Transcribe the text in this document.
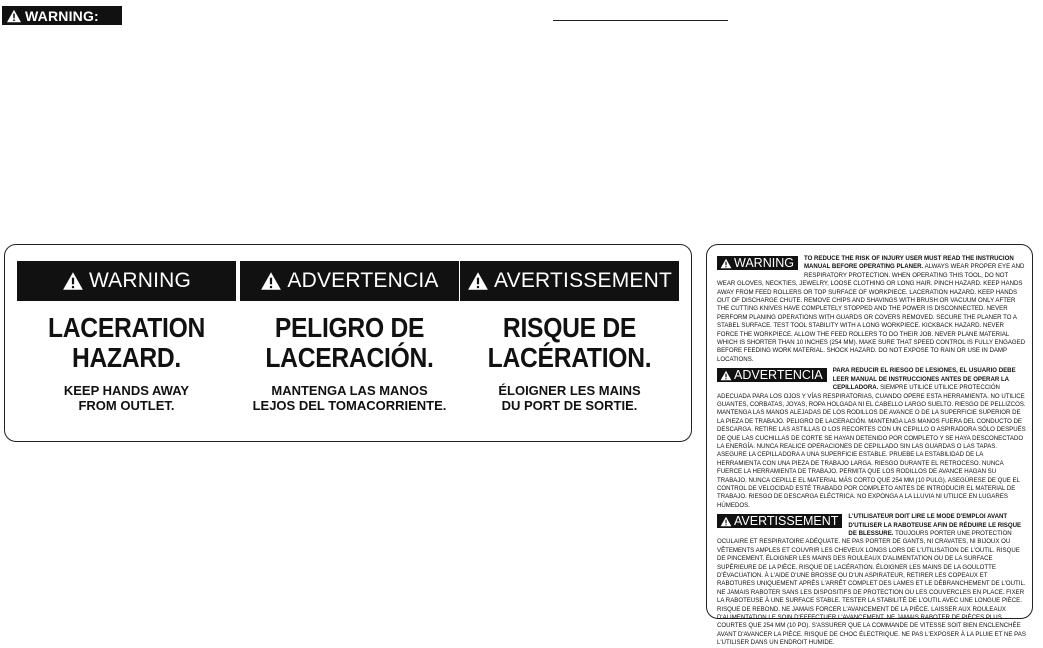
WARNING:
WARNING
LACERATION
HAZARD.
KEEP HANDS AWAY
FROM OUTLET.
ADVERTENCIA
PELIGRO DE
LACERACIÓN.
MANTENGA LAS MANOS
LEJOS DEL TOMACORRIENTE.
AVERTISSEMENT
RISQUE DE
LACÉRATION.
ÉLOIGNER LES MAINS
DU PORT DE SORTIE.
WARNING TO REDUCE THE RISK OF INJURY USER MUST READ THE INSTRUCION MANUAL BEFORE OPERATING PLANER. ALWAYS WEAR PROPER EYE AND RESPIRATORY PROTECTION. WHEN OPERATING THIS TOOL, DO NOT WEAR GLOVES, NECKTIES, JEWELRY, LOOSE CLOTHING OR LONG HAIR. PINCH HAZARD. KEEP HANDS AWAY FROM FEED ROLLERS OR TOP SURFACE OF WORKPIECE. LACERATION HAZARD. KEEP HANDS OUT OF DISCHARGE CHUTE. REMOVE CHIPS AND SHAVINGS WITH BRUSH OR VACUUM ONLY AFTER THE CUTTING KNIVES HAVE COMPLETELY STOPPED AND THE POWER IS DISCONNECTED. NEVER PERFORM PLANING OPERATIONS WITH GUARDS OR COVERS REMOVED. SECURE THE PLANER TO A STABEL SURFACE. TEST TOOL STABILITY WITH A LONG WORKPIECE. KICKBACK HAZARD. NEVER FORCE THE WORKPIECE. ALLOW THE FEED ROLLERS TO DO THEIR JOB. NEVER PLANE MATERIAL WHICH IS SHORTER THAN 10 INCHES (254 MM). MAKE SURE THAT SPEED CONTROL IS FULLY ENGAGED BEFORE FEEDING WORK MATERIAL. SHOCK HAZARD. DO NOT EXPOSE TO RAIN OR USE IN DAMP LOCATIONS.
ADVERTENCIA PARA REDUCIR EL RIESGO DE LESIONES, EL USUARIO DEBE LEER MANUAL DE INSTRUCCIONES ANTES DE OPERAR LA CEPILLADORA. SIEMPRE UTILICE UTILICE PROTECCIÓN ADECUADA PARA LOS OJOS Y VÍAS RESPIRATORIAS, CUANDO OPERE ESTA HERRAMIENTA. NO UTILICE GUANTES, CORBATAS, JOYAS, ROPA HOLGADA NI EL CABELLO LARGO SUELTO. RIESGO DE PELLIZCOS. MANTENGA LAS MANOS ALEJADAS DE LOS RODILLOS DE AVANCE O DE LA SUPERFICIE SUPERIOR DE LA PIEZA DE TRABAJO. PELIGRO DE LACERACIÓN. MANTENGA LAS MANOS FUERA DEL CONDUCTO DE DESCARGA. RETIRE LAS ASTILLAS O LOS RECORTES CON UN CEPILLO O ASPIRADORA SÓLO DESPUÉS DE QUE LAS CUCHILLAS DE CORTE SE HAYAN DETENIDO POR COMPLETO Y SE HAYA DESCONECTADO LA ENERGÍA. NUNCA REALICE OPERACIONES DE CEPILLADO SIN LAS GUARDAS O LAS TAPAS. ASEGURE LA CEPILLADORA A UNA SUPERFICIE ESTABLE. PRUEBE LA ESTABILIDAD DE LA HERRAMIENTA CON UNA PIEZA DE TRABAJO LARGA. RIESGO DURANTE EL RETROCESO. NUNCA FUERCE LA HERRAMIENTA DE TRABAJO. PERMITA QUE LOS RODILLOS DE AVANCE HAGAN SU TRABAJO. NUNCA CEPILLE EL MATERIAL MÁS CORTO QUE 254 MM (10 PULG). ASEGÚRESE DE QUE EL CONTROL DE VELOCIDAD ESTÉ TRABADO POR COMPLETO ANTES DE INTRODUCIR EL MATERIAL DE TRABAJO. RIESGO DE DESCARGA ELÉCTRICA. NO EXPONGA A LA LLUVIA NI UTILICE EN LUGARES HÚMEDOS.
AVERTISSEMENT L'UTILISATEUR DOIT LIRE LE MODE D'EMPLOI AVANT D'UTILISER LA RABOTEUSE AFIN DE RÉDUIRE LE RISQUE DE BLESSURE. TOUJOURS PORTER UNE PROTECTION OCULAIRE ET RESPIRATOIRE ADÉQUATE. NE PAS PORTER DE GANTS, NI CRAVATES, NI BIJOUX OU VÊTEMENTS AMPLES ET COUVRIR LES CHEVEUX LONGS LORS DE L'UTILISATION DE L'OUTIL. RISQUE DE PINCEMENT. ÉLOIGNER LES MAINS DES ROULEAUX D'ALIMENTATION OU DE LA SURFACE SUPÉRIEURE DE LA PIÈCE. RISQUE DE LACÉRATION. ÉLOIGNER LES MAINS DE LA GOULOTTE D'ÉVACUATION. À L'AIDE D'UNE BROSSE OU D'UN ASPIRATEUR, RETIRER LES COPEAUX ET RABOTURES UNIQUEMENT APRÈS L'ARRÊT COMPLET DES LAMES ET LE DÉBRANCHEMENT DE L'OUTIL. NE JAMAIS RABOTER SANS LES DISPOSITIFS DE PROTECTION OU LES COUVERCLES EN PLACE. FIXER LA RABOTEUSE À UNE SURFACE STABLE. TESTER LA STABILITÉ DE L'OUTIL AVEC UNE LONGUE PIÈCE. RISQUE DE REBOND. NE JAMAIS FORCER L'AVANCEMENT DE LA PIÈCE. LAISSER AUX ROULEAUX D'ALIMENTATION LE SOIN D'EFFECTUER L'AVANCEMENT. NE JAMAIS RABOTER DE PIÈCES PLUS COURTES QUE 254 MM (10 PO). S'ASSURER QUE LA COMMANDE DE VITESSE SOIT BIEN ENCLENCHÉE AVANT D'AVANCER LA PIÈCE. RISQUE DE CHOC ÉLECTRIQUE. NE PAS L'EXPOSER À LA PLUIE ET NE PAS L'UTILISER DANS UN ENDROIT HUMIDE.
